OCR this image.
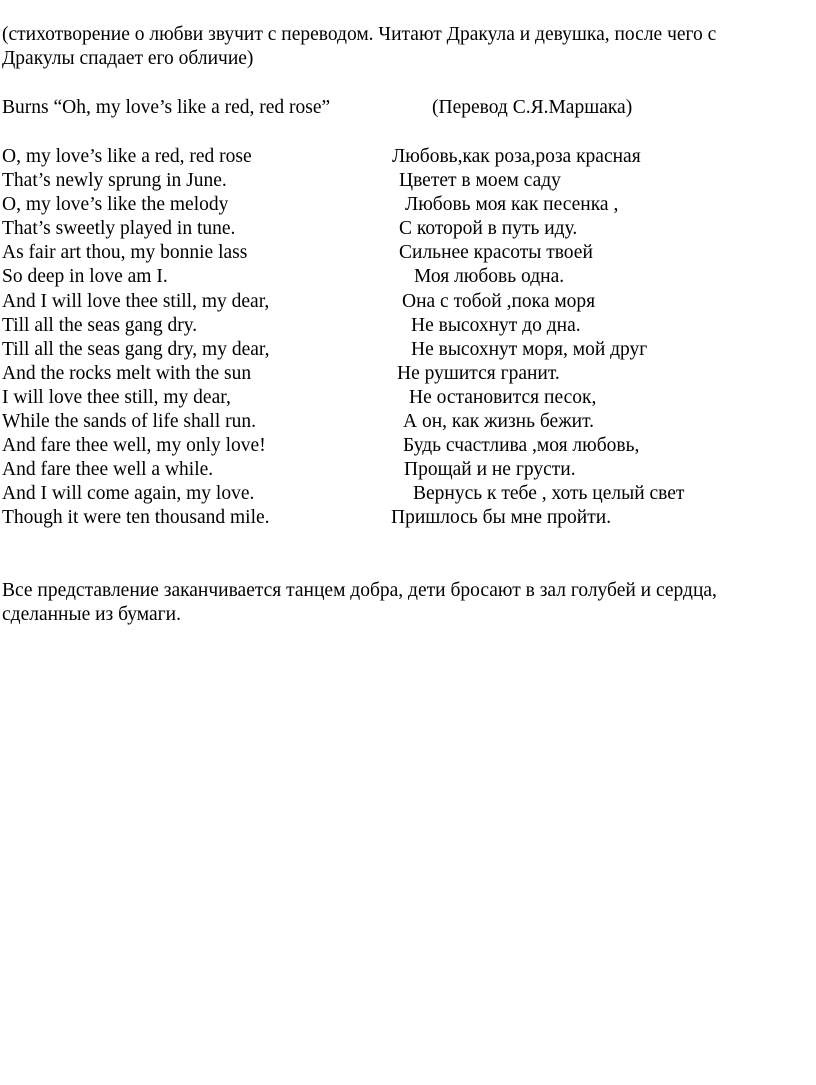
(стихотворение о любви звучит с переводом. Читают Дракула и девушка, после чего с
Дракулы спадает его обличие)
Burns “Oh, my love’s like a red, red rose”	(Перевод С.Я.Маршака)
O, my love’s like a red, red rose	Любовь,как роза,роза красная
That’s newly sprung in June.	Цветет в моем саду
O, my love’s like the melody	Любовь моя как песенка ,
That’s sweetly played in tune.	С которой в путь иду.
As fair art thou, my bonnie lass	Сильнее красоты твоей
So deep in love am I.	Моя любовь одна.
And I will love thee still, my dear,	Она с тобой ,пока моря
Till all the seas gang dry.	Не высохнут до дна.
Till all the seas gang dry, my dear,	Не высохнут моря, мой друг
And the rocks melt with the sun	Не рушится гранит.
I will love thee still, my dear,	Не остановится песок,
While the sands of life shall run.	А он, как жизнь бежит.
And fare thee well, my only love!	Будь счастлива ,моя любовь,
And fare thee well a while.	Прощай и не грусти.
And I will come again, my love.	Вернусь к тебе , хоть целый свет
Though it were ten thousand mile.	Пришлось бы мне пройти.
Все представление заканчивается танцем добра, дети бросают в зал голубей и сердца,
сделанные из бумаги.
